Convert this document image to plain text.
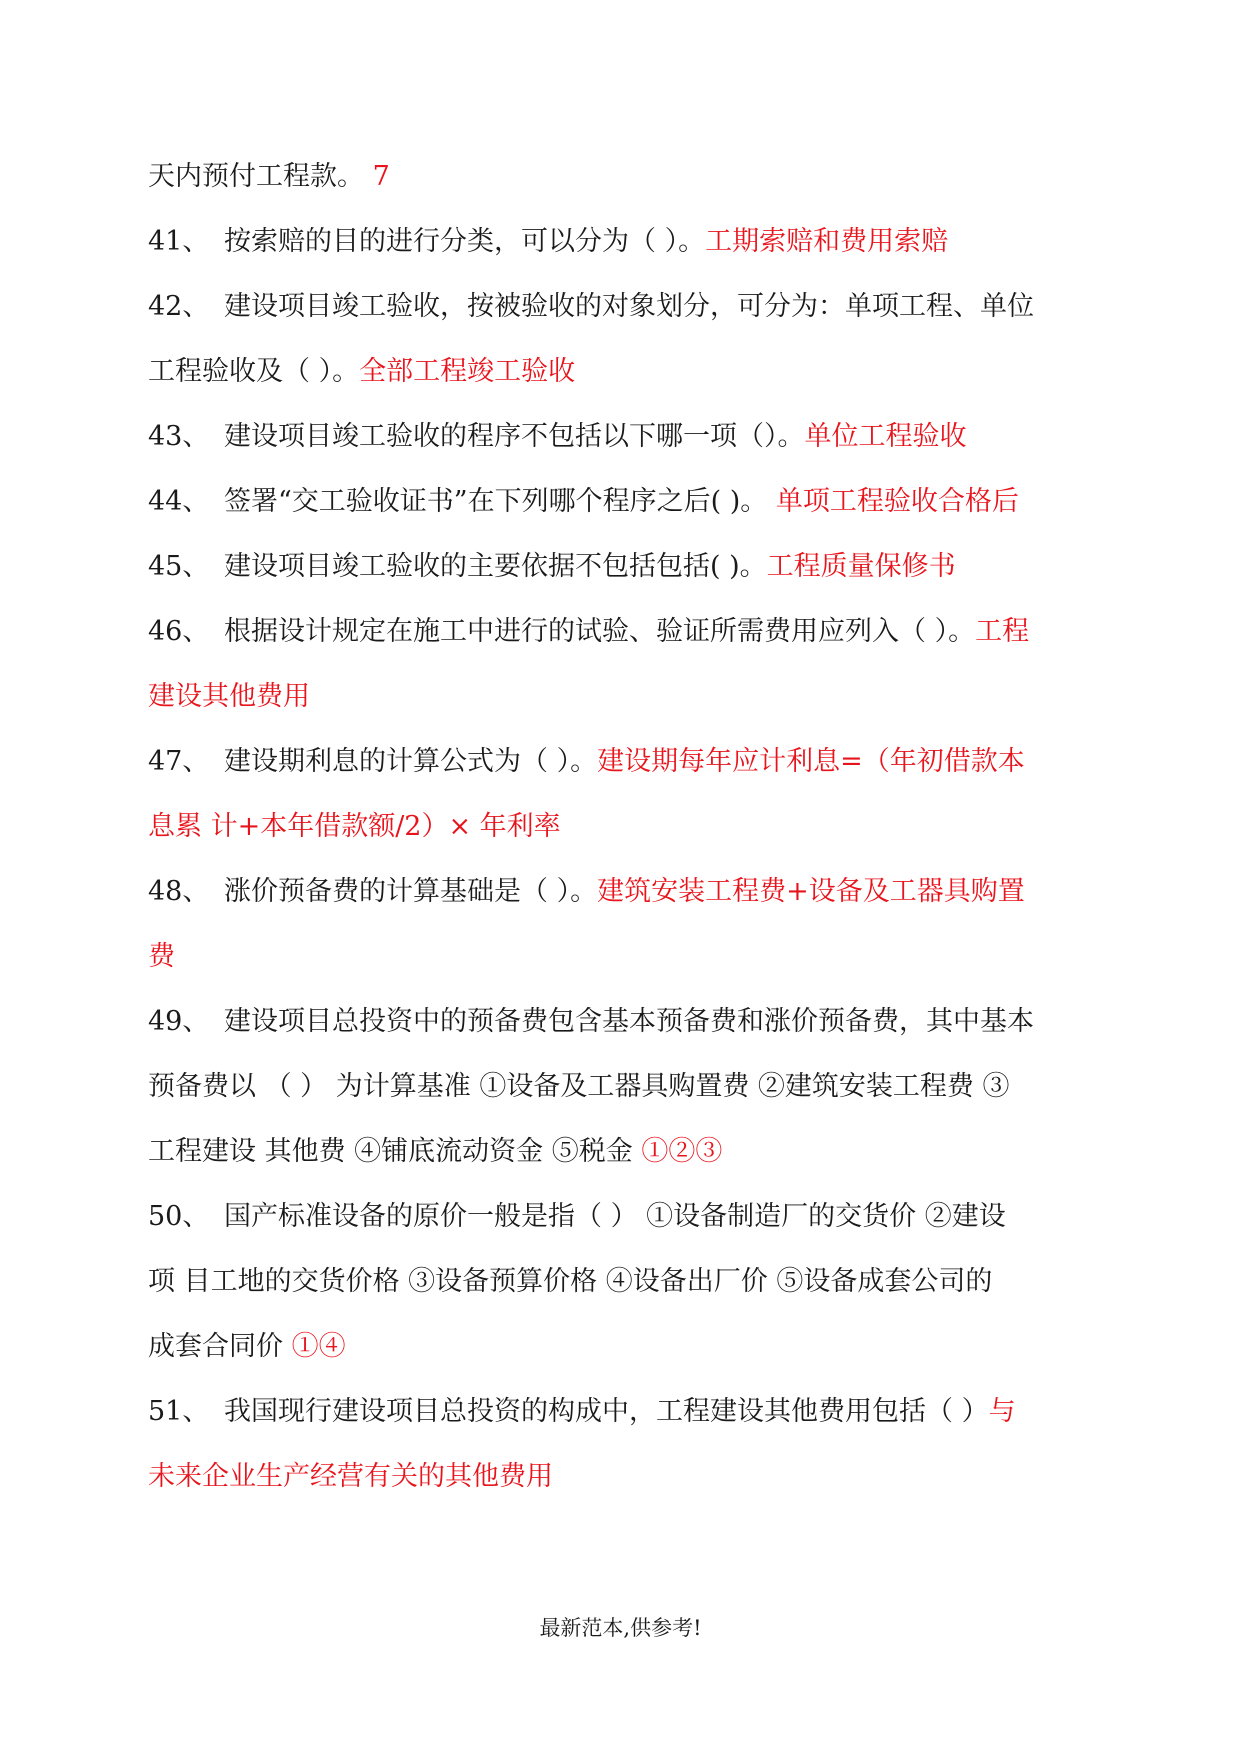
天内预付工程款。 7
41、 按索赔的目的进行分类，可以分为（ ）。工期索赔和费用索赔
42、 建设项目竣工验收，按被验收的对象划分，可分为：单项工程、单位
工程验收及（ ）。全部工程竣工验收
43、 建设项目竣工验收的程序不包括以下哪一项（）。单位工程验收
44、 签署“交工验收证书”在下列哪个程序之后( )。 单项工程验收合格后
45、 建设项目竣工验收的主要依据不包括包括( )。工程质量保修书
46、 根据设计规定在施工中进行的试验、验证所需费用应列入（ ）。工程
建设其他费用
47、 建设期利息的计算公式为（ ）。建设期每年应计利息=（年初借款本
息累 计+本年借款额/2）× 年利率
48、 涨价预备费的计算基础是（ ）。建筑安装工程费+设备及工器具购置
费
49、 建设项目总投资中的预备费包含基本预备费和涨价预备费，其中基本
预备费以 （ ） 为计算基准 ①设备及工器具购置费 ②建筑安装工程费 ③
工程建设 其他费 ④铺底流动资金 ⑤税金 ①②③
50、 国产标准设备的原价一般是指（ ） ①设备制造厂的交货价 ②建设
项 目工地的交货价格 ③设备预算价格 ④设备出厂价 ⑤设备成套公司的
成套合同价 ①④
51、 我国现行建设项目总投资的构成中，工程建设其他费用包括（ ）与
未来企业生产经营有关的其他费用
最新范本,供参考!
